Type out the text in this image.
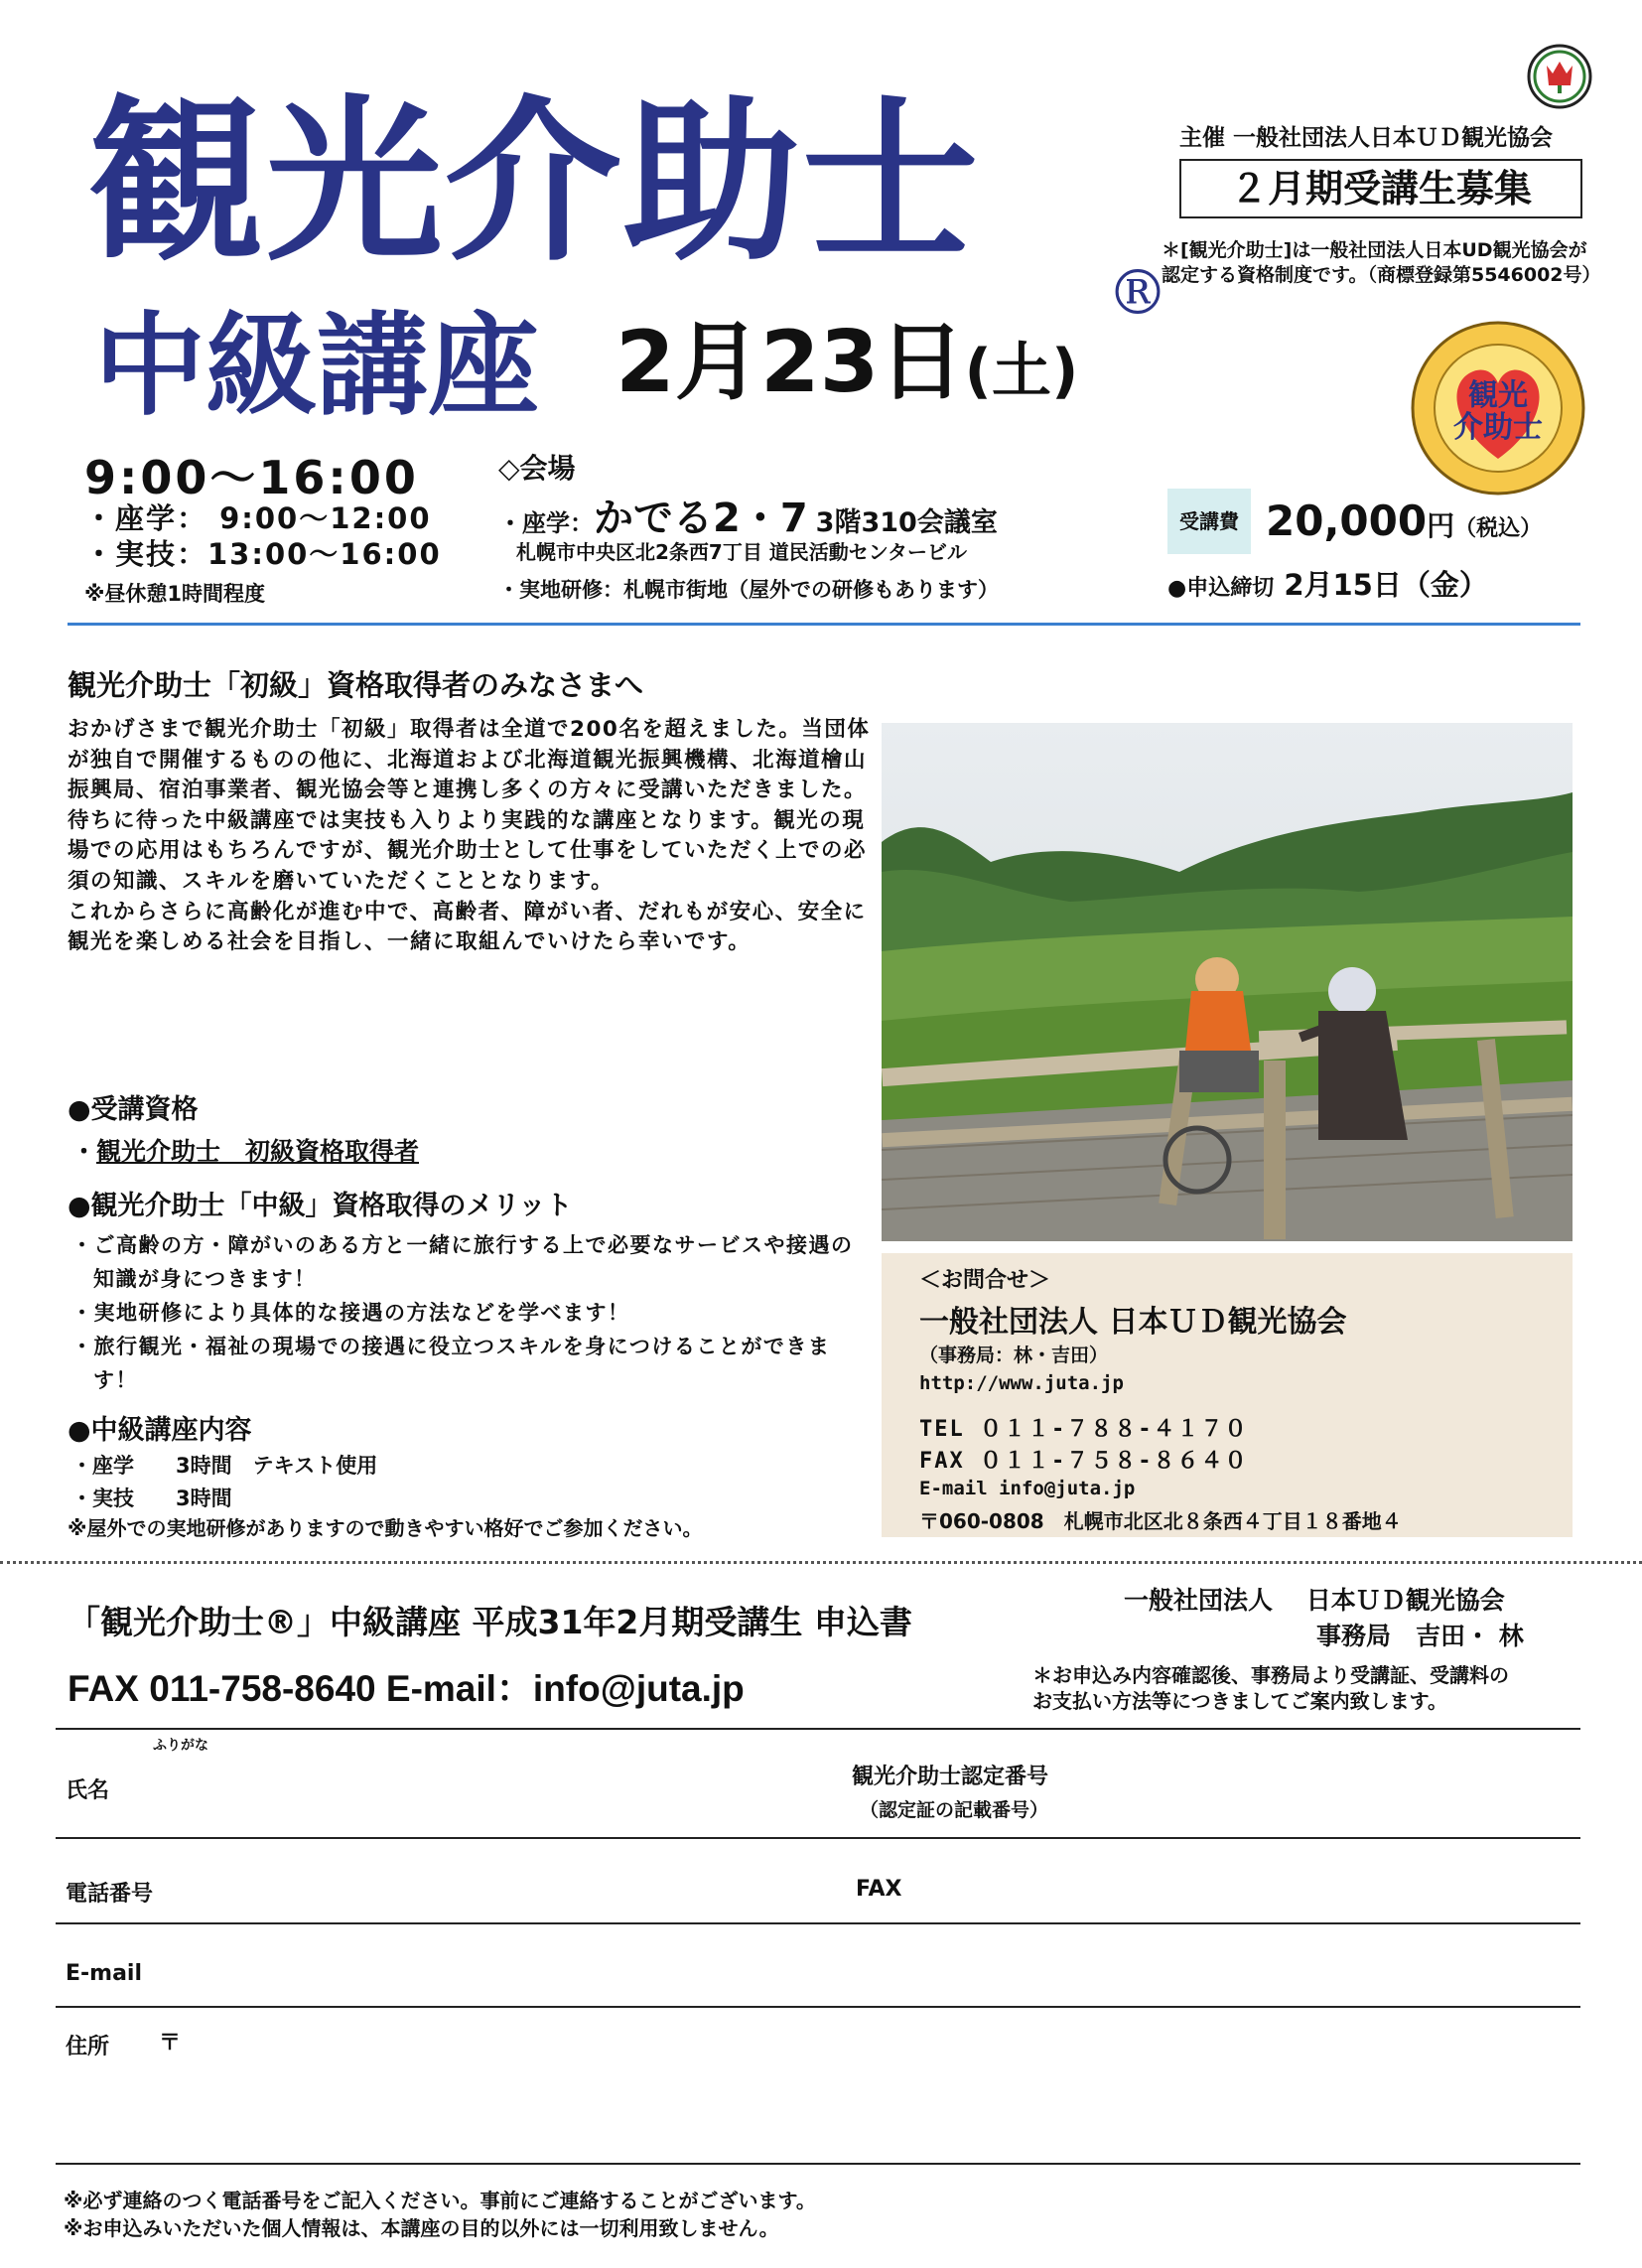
観光介助士
®
中級講座 2月23日(土)
主催 一般社団法人日本ＵＤ観光協会
２月期受講生募集
＊[観光介助士]は一般社団法人日本UD観光協会が認定する資格制度です。（商標登録第5546002号）
観光
介助士
9:00〜16:00
・座学： 9:00〜12:00
・実技：13:00〜16:00
※昼休憩1時間程度
◇会場
・座学：かでる2・7 3階310会議室
札幌市中央区北2条西7丁目 道民活動センタービル
・実地研修：札幌市街地（屋外での研修もあります）
受講費 20,000円（税込）
●申込締切 2月15日（金）
観光介助士「初級」資格取得者のみなさまへ
おかげさまで観光介助士「初級」取得者は全道で200名を超えました。当団体が独自で開催するものの他に、北海道および北海道観光振興機構、北海道檜山振興局、宿泊事業者、観光協会等と連携し多くの方々に受講いただきました。
待ちに待った中級講座では実技も入りより実践的な講座となります。観光の現場での応用はもちろんですが、観光介助士として仕事をしていただく上での必須の知識、スキルを磨いていただくこととなります。
これからさらに高齢化が進む中で、高齢者、障がい者、だれもが安心、安全に観光を楽しめる社会を目指し、一緒に取組んでいけたら幸いです。
●受講資格
・観光介助士　初級資格取得者
●観光介助士「中級」資格取得のメリット
・ご高齢の方・障がいのある方と一緒に旅行する上で必要なサービスや接遇の知識が身につきます！
・実地研修により具体的な接遇の方法などを学べます！
・旅行観光・福祉の現場での接遇に役立つスキルを身につけることができます！
●中級講座内容
・座学　　3時間　テキスト使用
・実技　　3時間
※屋外での実地研修がありますので動きやすい格好でご参加ください。
＜お問合せ＞
一般社団法人 日本ＵＤ観光協会
（事務局：林・吉田）
http://www.juta.jp
TEL ０１１-７８８-４１７０
FAX ０１１-７５８-８６４０
E-mail info@juta.jp
〒060-0808　札幌市北区北８条西４丁目１８番地４
「観光介助士®」中級講座 平成31年2月期受講生 申込書
一般社団法人　 日本ＵＤ観光協会
事務局　吉田・ 林
FAX 011-758-8640 E-mail：info@juta.jp	＊お申込み内容確認後、事務局より受講証、受講料の
お支払い方法等につきましてご案内致します。
ふりがな
氏名
観光介助士認定番号
（認定証の記載番号）
電話番号	FAX
E-mail
住所 〒
※必ず連絡のつく電話番号をご記入ください。事前にご連絡することがございます。
※お申込みいただいた個人情報は、本講座の目的以外には一切利用致しません。
